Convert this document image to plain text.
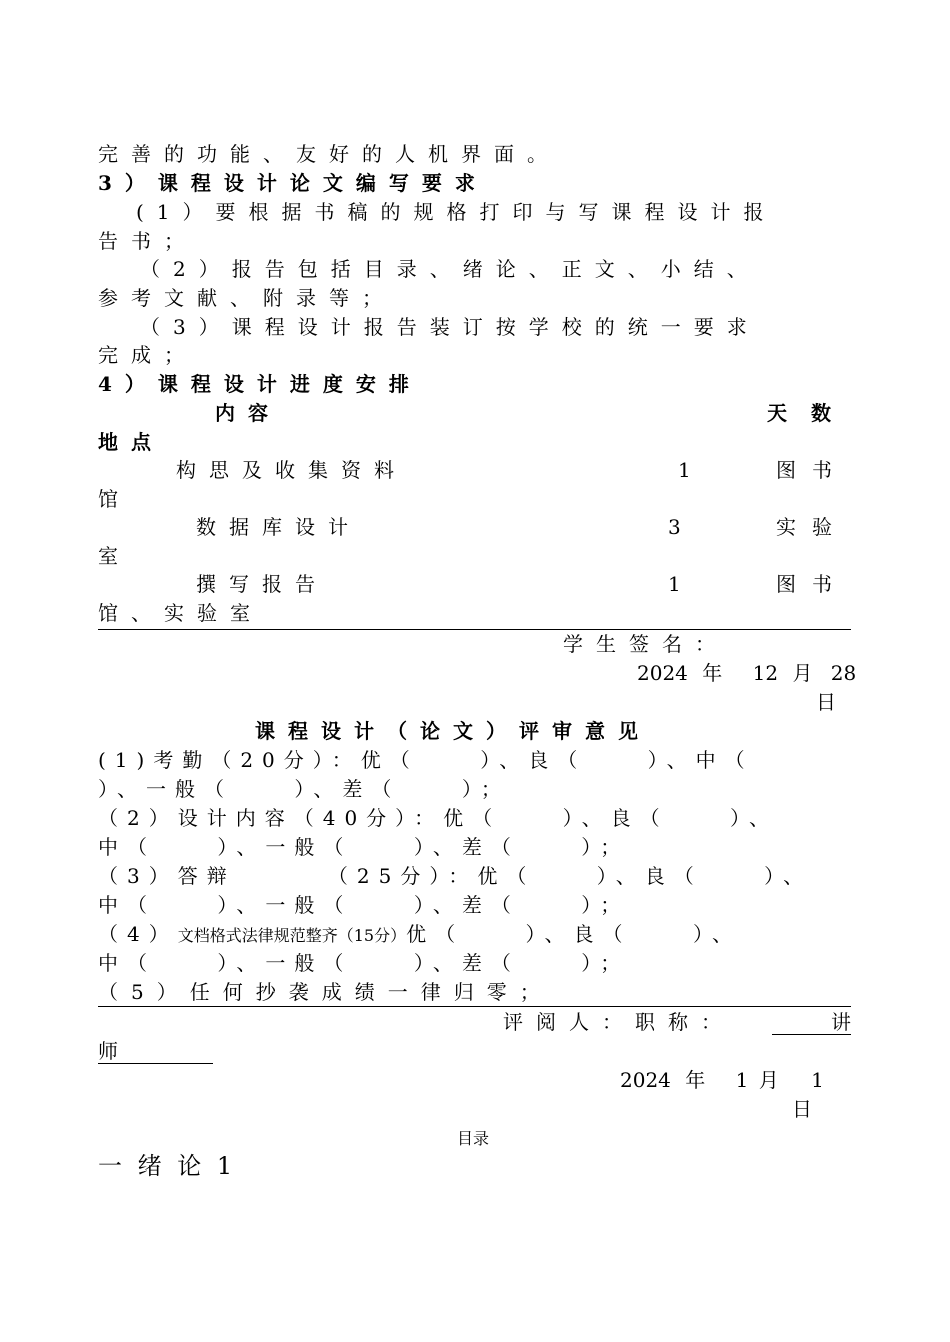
完善的功能、友好的人机界面。
3）课程设计论文编写要求
(1）要根据书稿的规格打印与写课程设计报
告书；
（2）报告包括目录、绪论、正文、小结、
参考文献、附录等；
（3）课程设计报告装订按学校的统一要求
完成；
4）课程设计进度安排
内容	天数
地点
构思及收集资料	1	图书
馆
数据库设计	3	实验
室
撰写报告	1	图书
馆、实验室
学生签名：
2024 年 12 月 28
日
课程设计（论文）评审意见
(1)考勤（20分）：优（    ）、良（    ）、中（
）、一般（    ）、差（    ）；
（2）设计内容（40分）：优（    ）、良（    ）、
中（    ）、一般（    ）、差（    ）；
（3）答辩      （25分）：优（    ）、良（    ）、
中（    ）、一般（    ）、差（    ）；
（4）文档格式法律规范整齐（15分）优（    ）、良（    ）、
中（    ）、一般（    ）、差（    ）；
（5）任何抄袭成绩一律归零；
评阅人：职称：	讲
师
2024 年 1 月 1
日
目录
一 绪 论 1
